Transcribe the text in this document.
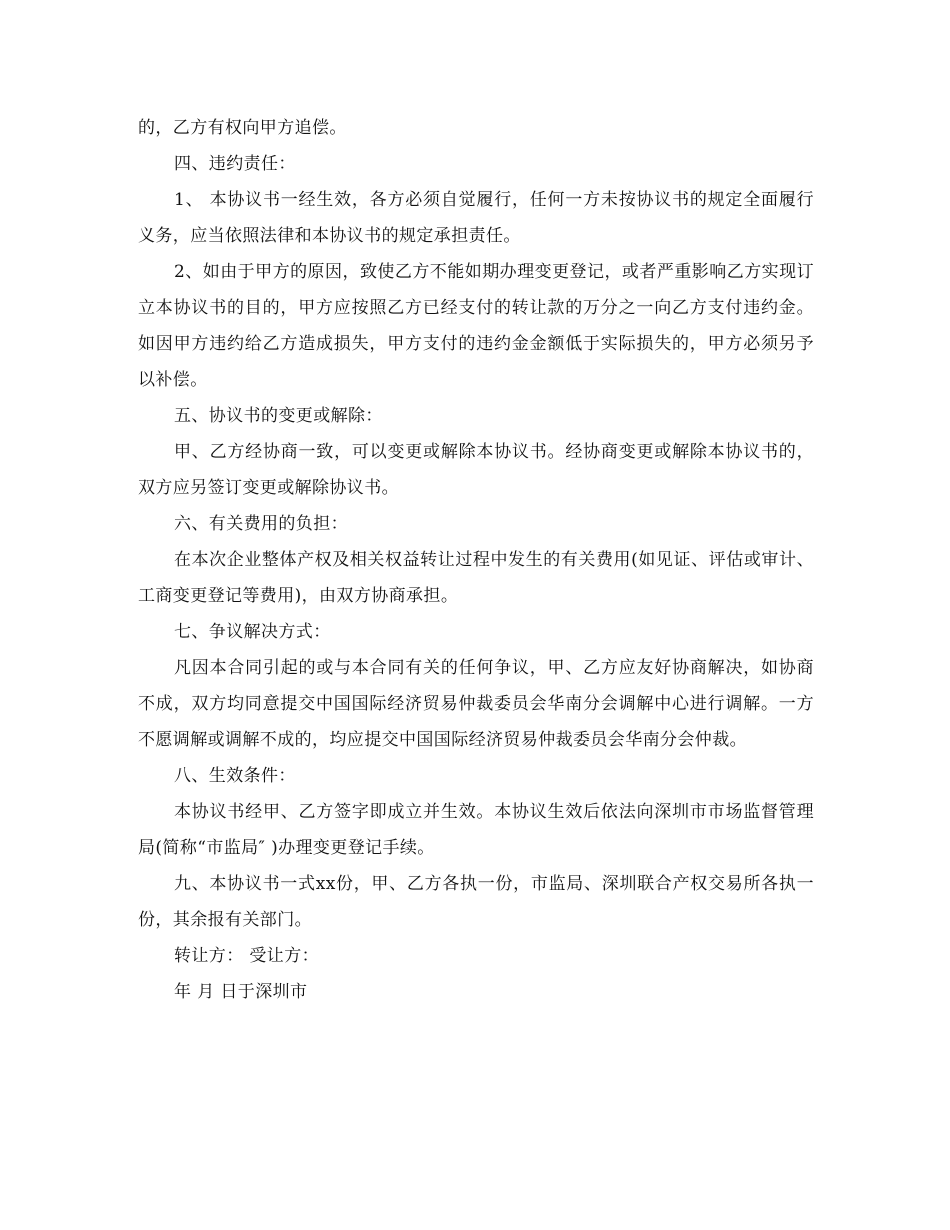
的，乙方有权向甲方追偿。

四、违约责任：

1、 本协议书一经生效，各方必须自觉履行，任何一方未按协议书的规定全面履行义务，应当依照法律和本协议书的规定承担责任。

2、如由于甲方的原因，致使乙方不能如期办理变更登记，或者严重影响乙方实现订立本协议书的目的，甲方应按照乙方已经支付的转让款的万分之一向乙方支付违约金。如因甲方违约给乙方造成损失，甲方支付的违约金金额低于实际损失的，甲方必须另予以补偿。

五、协议书的变更或解除：

甲、乙方经协商一致，可以变更或解除本协议书。经协商变更或解除本协议书的，双方应另签订变更或解除协议书。

六、有关费用的负担：

在本次企业整体产权及相关权益转让过程中发生的有关费用(如见证、评估或审计、工商变更登记等费用)，由双方协商承担。

七、争议解决方式：

凡因本合同引起的或与本合同有关的任何争议，甲、乙方应友好协商解决，如协商不成，双方均同意提交中国国际经济贸易仲裁委员会华南分会调解中心进行调解。一方不愿调解或调解不成的，均应提交中国国际经济贸易仲裁委员会华南分会仲裁。

八、生效条件：

本协议书经甲、乙方签字即成立并生效。本协议生效后依法向深圳市市场监督管理局(简称“市监局″ )办理变更登记手续。

九、本协议书一式xx份，甲、乙方各执一份，市监局、深圳联合产权交易所各执一份，其余报有关部门。

转让方： 受让方：

年 月 日于深圳市
